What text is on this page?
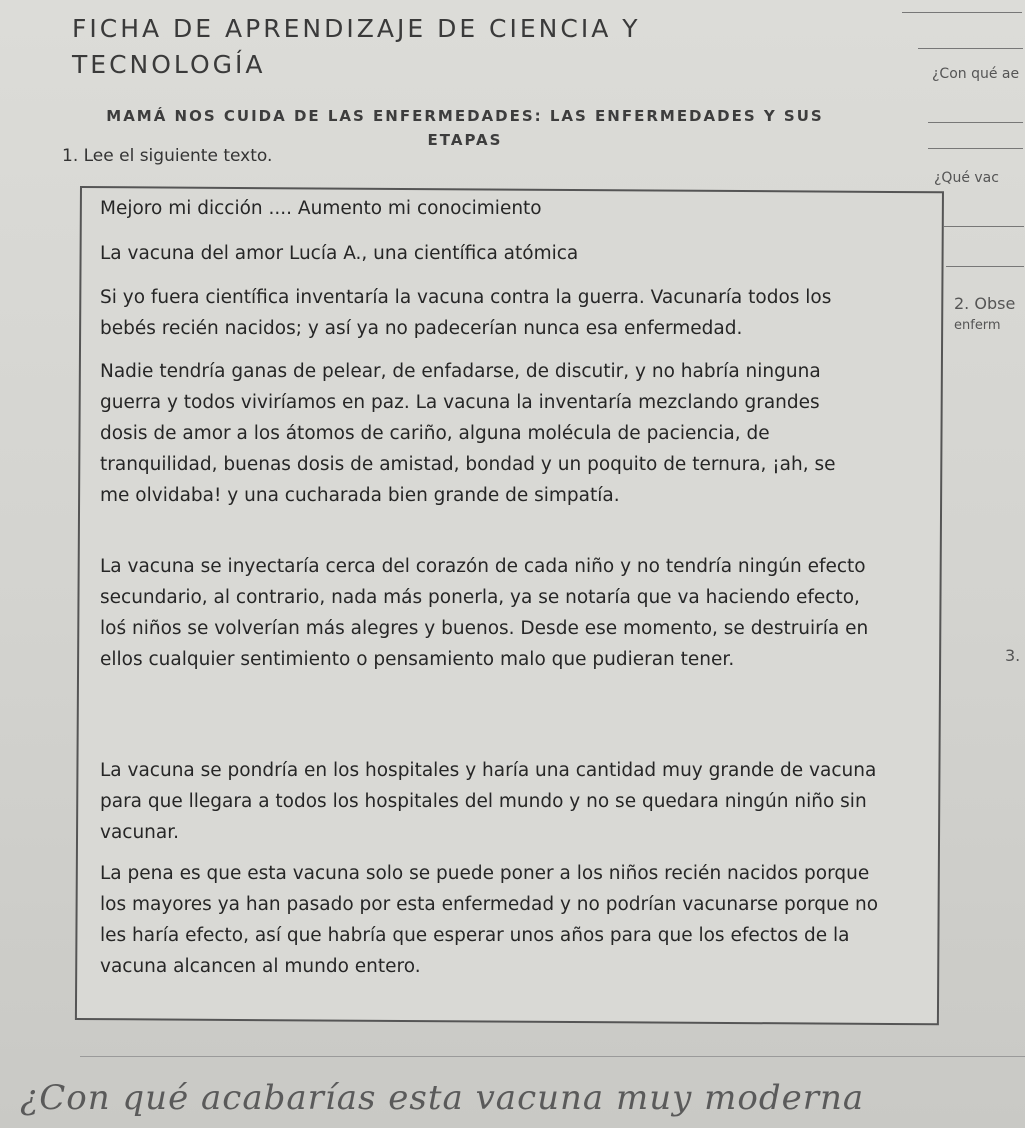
FICHA DE APRENDIZAJE DE CIENCIA Y
TECNOLOGÍA
MAMÁ NOS CUIDA DE LAS ENFERMEDADES: LAS ENFERMEDADES Y SUS
ETAPAS
1. Lee el siguiente texto.
Mejoro mi dicción .... Aumento mi conocimiento
La vacuna del amor Lucía A., una científica atómica
Si yo fuera científica inventaría la vacuna contra la guerra. Vacunaría todos los bebés recién nacidos; y así ya no padecerían nunca esa enfermedad.
Nadie tendría ganas de pelear, de enfadarse, de discutir, y no habría ninguna guerra y todos viviríamos en paz. La vacuna la inventaría mezclando grandes dosis de amor a los átomos de cariño, alguna molécula de paciencia, de tranquilidad, buenas dosis de amistad, bondad y un poquito de ternura, ¡ah, se me olvidaba! y una cucharada bien grande de simpatía.
La vacuna se inyectaría cerca del corazón de cada niño y no tendría ningún efecto secundario, al contrario, nada más ponerla, ya se notaría que va haciendo efecto, loś niños se volverían más alegres y buenos. Desde ese momento, se destruiría en ellos cualquier sentimiento o pensamiento malo que pudieran tener.
La vacuna se pondría en los hospitales y haría una cantidad muy grande de vacuna para que llegara a todos los hospitales del mundo y no se quedara ningún niño sin vacunar.
La pena es que esta vacuna solo se puede poner a los niños recién nacidos porque los mayores ya han pasado por esta enfermedad y no podrían vacunarse porque no les haría efecto, así que habría que esperar unos años para que los efectos de la vacuna alcancen al mundo entero.
¿Con qué ae
¿Qué vac
2. Obse
enferm
3.
¿Con qué acabarías esta vacuna muy moderna
